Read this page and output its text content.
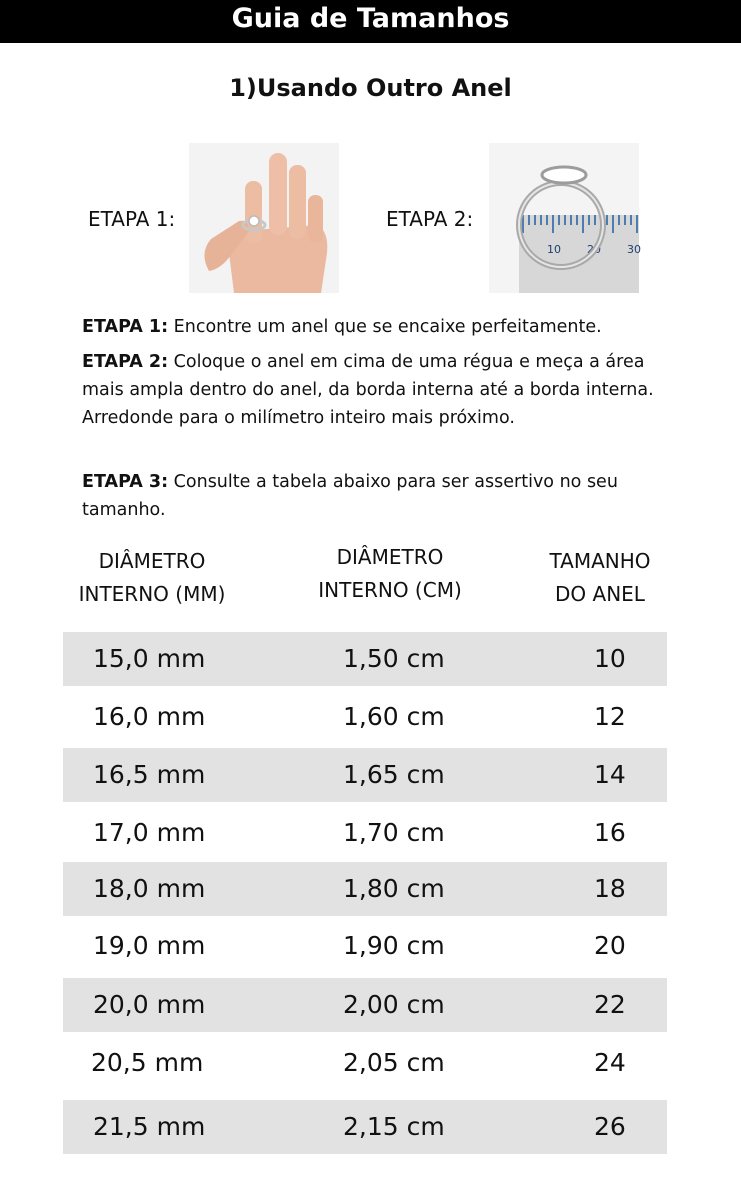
Guia de Tamanhos
1)Usando Outro Anel
ETAPA 1:	ETAPA 2:
10 20 30

ETAPA 1: Encontre um anel que se encaixe perfeitamente.

ETAPA 2: Coloque o anel em cima de uma régua e meça a área mais ampla dentro do anel, da borda interna até a borda interna. Arredonde para o milímetro inteiro mais próximo.

ETAPA 3: Consulte a tabela abaixo para ser assertivo no seu tamanho.

DIÂMETRO
INTERNO (MM)
DIÂMETRO
INTERNO (CM)
TAMANHO
DO ANEL
15,0 mm	1,50 cm	10
16,0 mm	1,60 cm	12
16,5 mm	1,65 cm	14
17,0 mm	1,70 cm	16
18,0 mm	1,80 cm	18
19,0 mm	1,90 cm	20
20,0 mm	2,00 cm	22
20,5 mm	2,05 cm	24
21,5 mm	2,15 cm	26
